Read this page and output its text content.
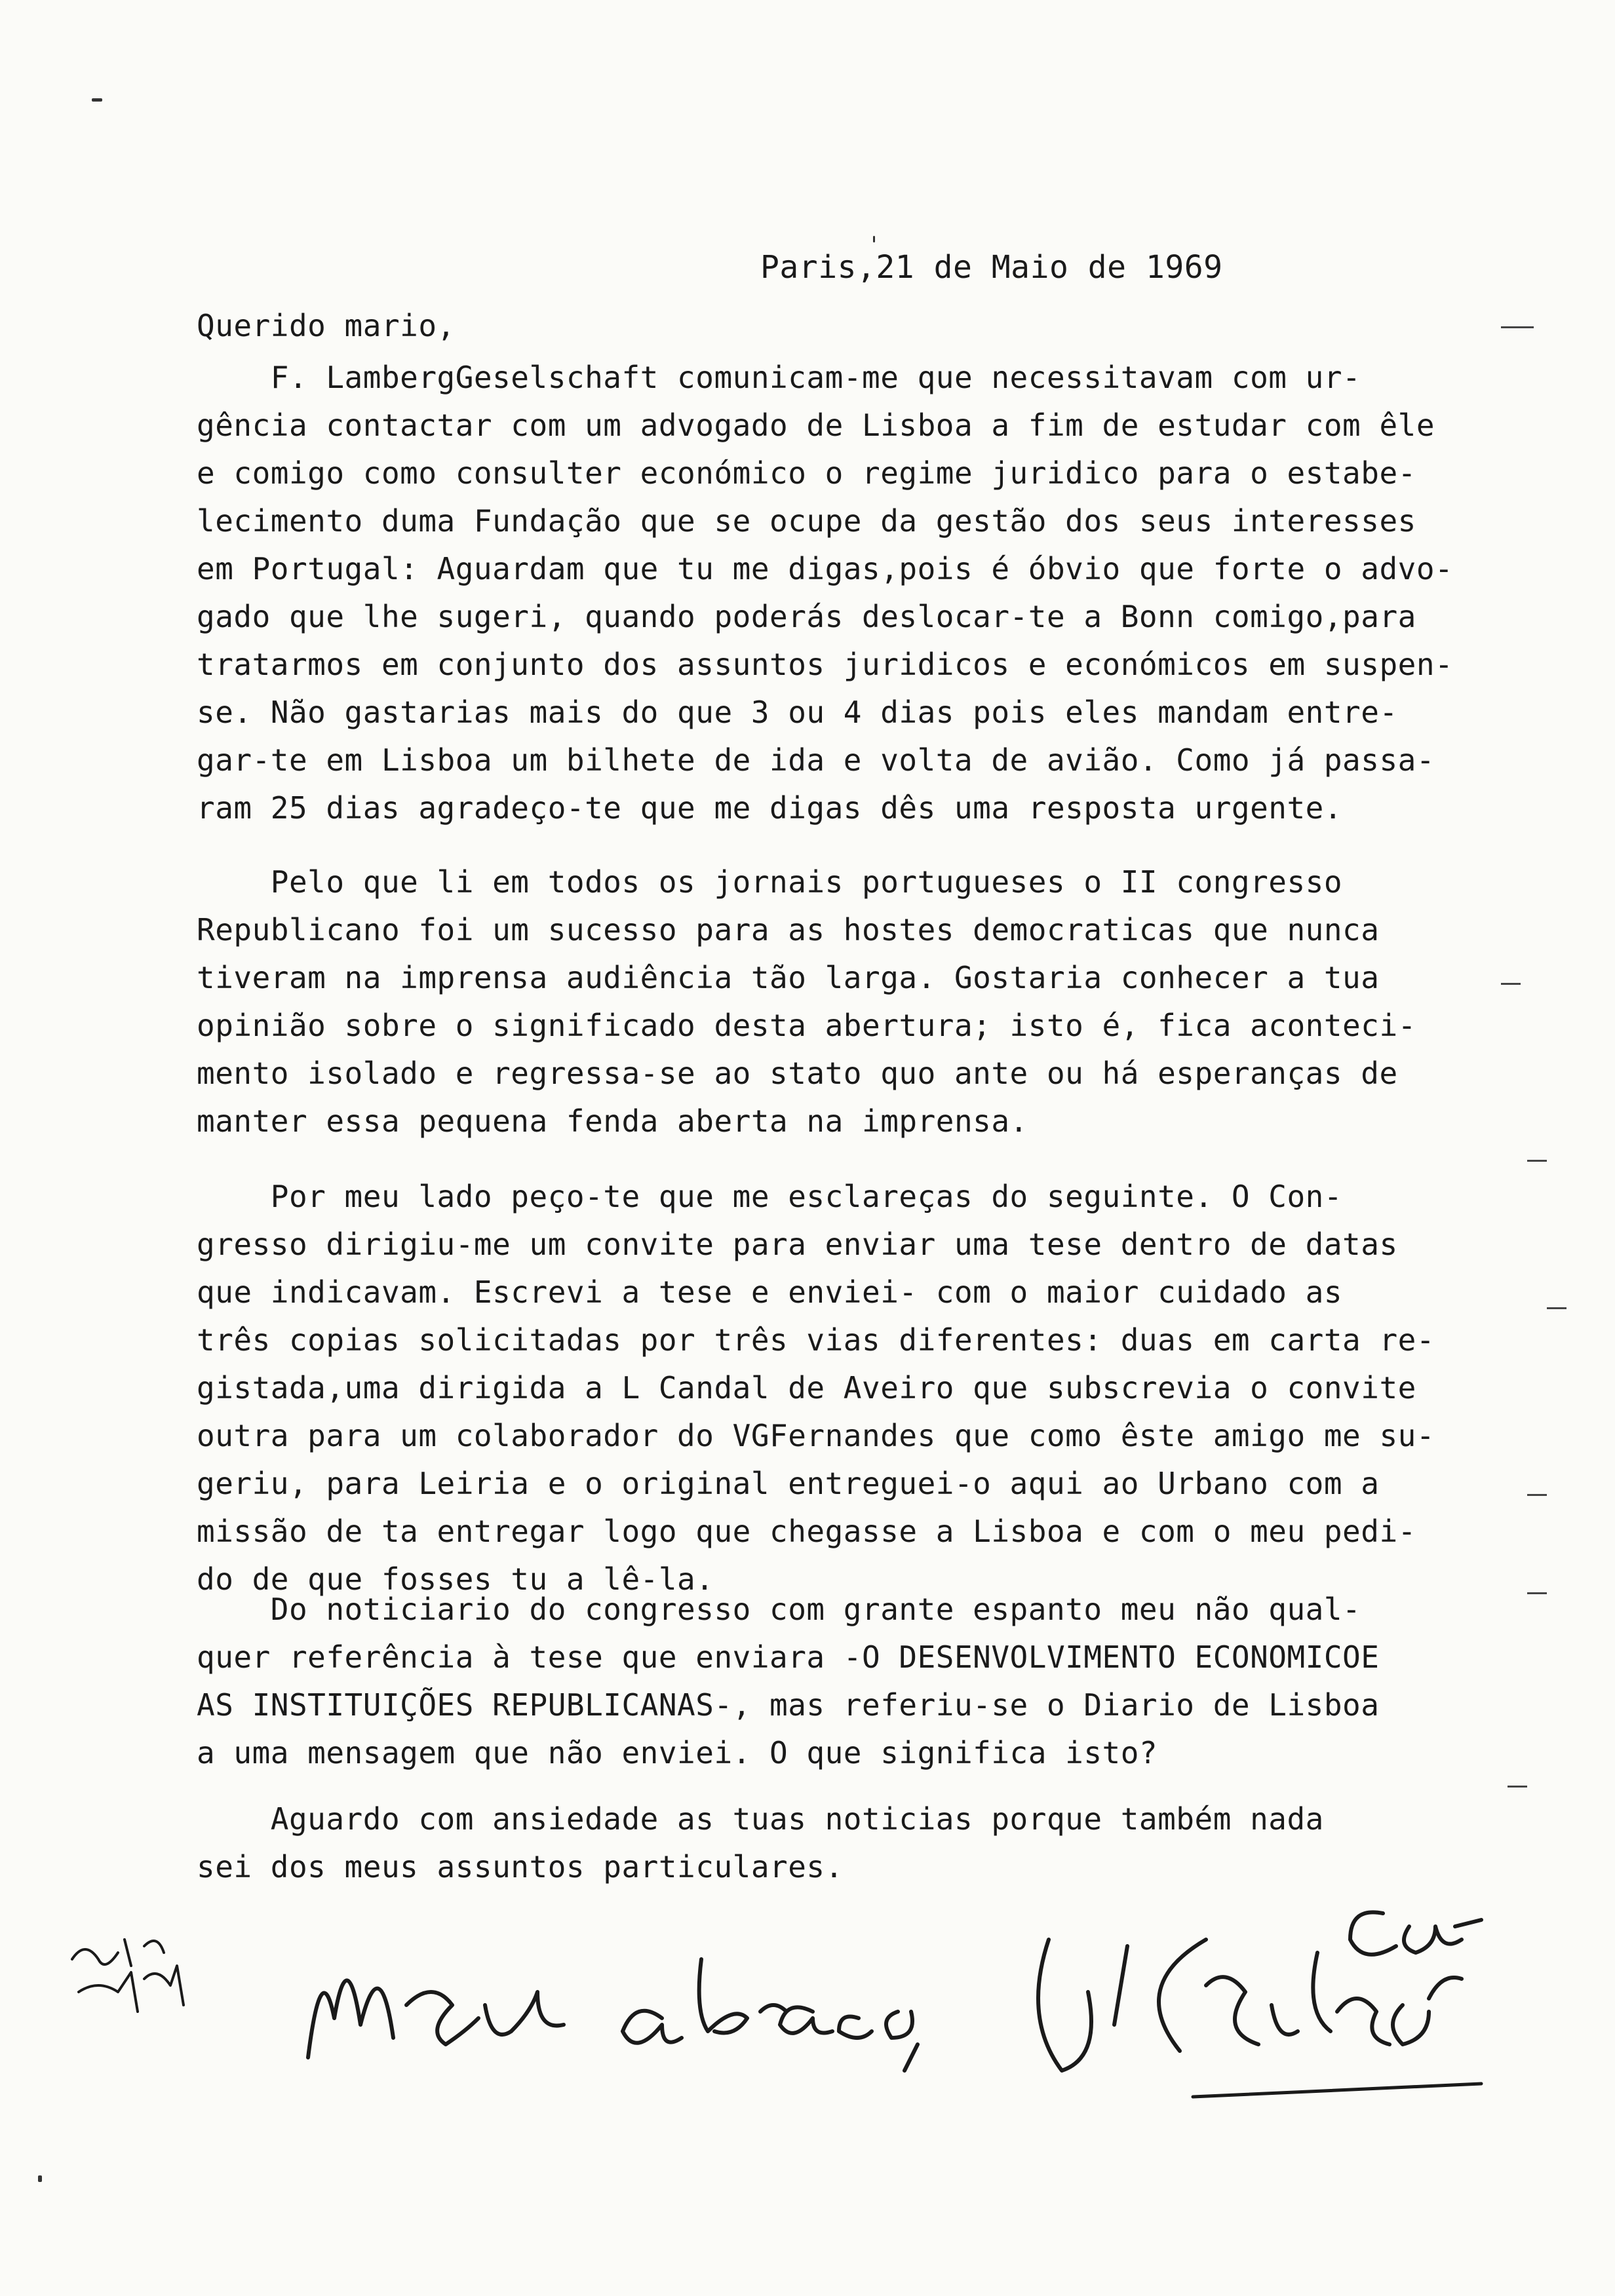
Paris,21 de Maio de 1969
Querido mario,
F. LambergGeselschaft comunicam-me que necessitavam com ur-
gência contactar com um advogado de Lisboa a fim de estudar com êle
e comigo como consulter económico o regime juridico para o estabe-
lecimento duma Fundação que se ocupe da gestão dos seus interesses
em Portugal: Aguardam que tu me digas,pois é óbvio que forte o advo-
gado que lhe sugeri, quando poderás deslocar-te a Bonn comigo,para
tratarmos em conjunto dos assuntos juridicos e económicos em suspen-
se. Não gastarias mais do que 3 ou 4 dias pois eles mandam entre-
gar-te em Lisboa um bilhete de ida e volta de avião. Como já passa-
ram 25 dias agradeço-te que me digas dês uma resposta urgente.
Pelo que li em todos os jornais portugueses o II congresso
Republicano foi um sucesso para as hostes democraticas que nunca
tiveram na imprensa audiência tão larga. Gostaria conhecer a tua
opinião sobre o significado desta abertura; isto é, fica aconteci-
mento isolado e regressa-se ao stato quo ante ou há esperanças de
manter essa pequena fenda aberta na imprensa.
Por meu lado peço-te que me esclareças do seguinte. O Con-
gresso dirigiu-me um convite para enviar uma tese dentro de datas
que indicavam. Escrevi a tese e enviei- com o maior cuidado as
três copias solicitadas por três vias diferentes: duas em carta re-
gistada,uma dirigida a L Candal de Aveiro que subscrevia o convite
outra para um colaborador do VGFernandes que como êste amigo me su-
geriu, para Leiria e o original entreguei-o aqui ao Urbano com a
missão de ta entregar logo que chegasse a Lisboa e com o meu pedi-
do de que fosses tu a lê-la.
Do noticiario do congresso com grante espanto meu não qual-
quer referência à tese que enviara -O DESENVOLVIMENTO ECONOMICOE
AS INSTITUIÇÕES REPUBLICANAS-, mas referiu-se o Diario de Lisboa
a uma mensagem que não enviei. O que significa isto?
Aguardo com ansiedade as tuas noticias porque também nada
sei dos meus assuntos particulares.
